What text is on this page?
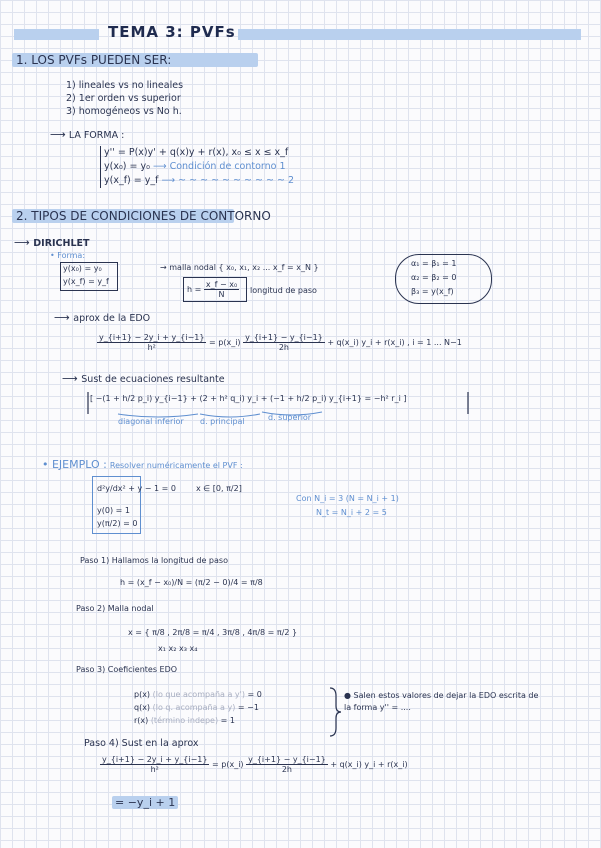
TEMA 3: PVFs
1. LOS PVFs PUEDEN SER:
1) lineales vs no lineales
2) 1er orden vs superior
3) homogéneos vs No h.
⟶ LA FORMA :
y'' = P(x)y' + q(x)y + r(x), x₀ ≤ x ≤ x_f
y(x₀) = y₀ ⟶ Condición de contorno 1
y(x_f) = y_f ⟶ ~ ~ ~ ~ ~ ~ ~ ~ ~ ~ 2
2. TIPOS DE CONDICIONES DE CONTORNO
⟶ DIRICHLET
• Forma:
y(x₀) = y₀
y(x_f) = y_f
→ malla nodal { x₀, x₁, x₂ ... x_f = x_N }
$h = \frac{\text{x\_f − x₀}}{N}$ longitud de paso
α₁ = β₁ = 1
α₂ = β₂ = 0
β₃ = y(x_f)
⟶ aprox de la EDO
$\frac{y\_\{i+1\} - 2y\_i + y\_\{i-1\}}{\text{h²}}$ = p(x_i) $\frac{y\_\{i+1\} - y\_\{i-1\}}{2h}$ + q(x_i) y_i + r(x_i) , i = 1 ... N−1
⟶ Sust de ecuaciones resultante
[ −(1 + h/2 p_i) y_{i−1} + (2 + h² q_i) y_i + (−1 + h/2 p_i) y_{i+1} = −h² r_i ]
diagonal inferior d. principal	d. superior
• EJEMPLO : Resolver numéricamente el PVF :
d²y/dx² + y − 1 = 0 x ∈ [0, π/2]
y(0) = 1
y(π/2) = 0
Con N_i = 3 (N = N_i + 1)
N_t = N_i + 2 = 5
Paso 1) Hallamos la longitud de paso
h = (x_f − x₀)/N = (π/2 − 0)/4 = π/8
Paso 2) Malla nodal
x = { π/8 , 2π/8 = π/4 , 3π/8 , 4π/8 = π/2 }
x₁ x₂ x₃ x₄
Paso 3) Coeficientes EDO
p(x) (lo que acompaña a y') = 0
q(x) (lo q. acompaña a y) = −1
r(x) (término indepe) = 1
● Salen estos valores de dejar la EDO escrita de la forma y'' = ....
Paso 4) Sust en la aprox
$\frac{y\_\{i+1\} - 2y\_i + y\_\{i-1\}}{\text{h²}}$ = p(x_i) $\frac{y\_\{i+1\} - y\_\{i-1\}}{2h}$ + q(x_i) y_i + r(x_i)
= −y_i + 1
